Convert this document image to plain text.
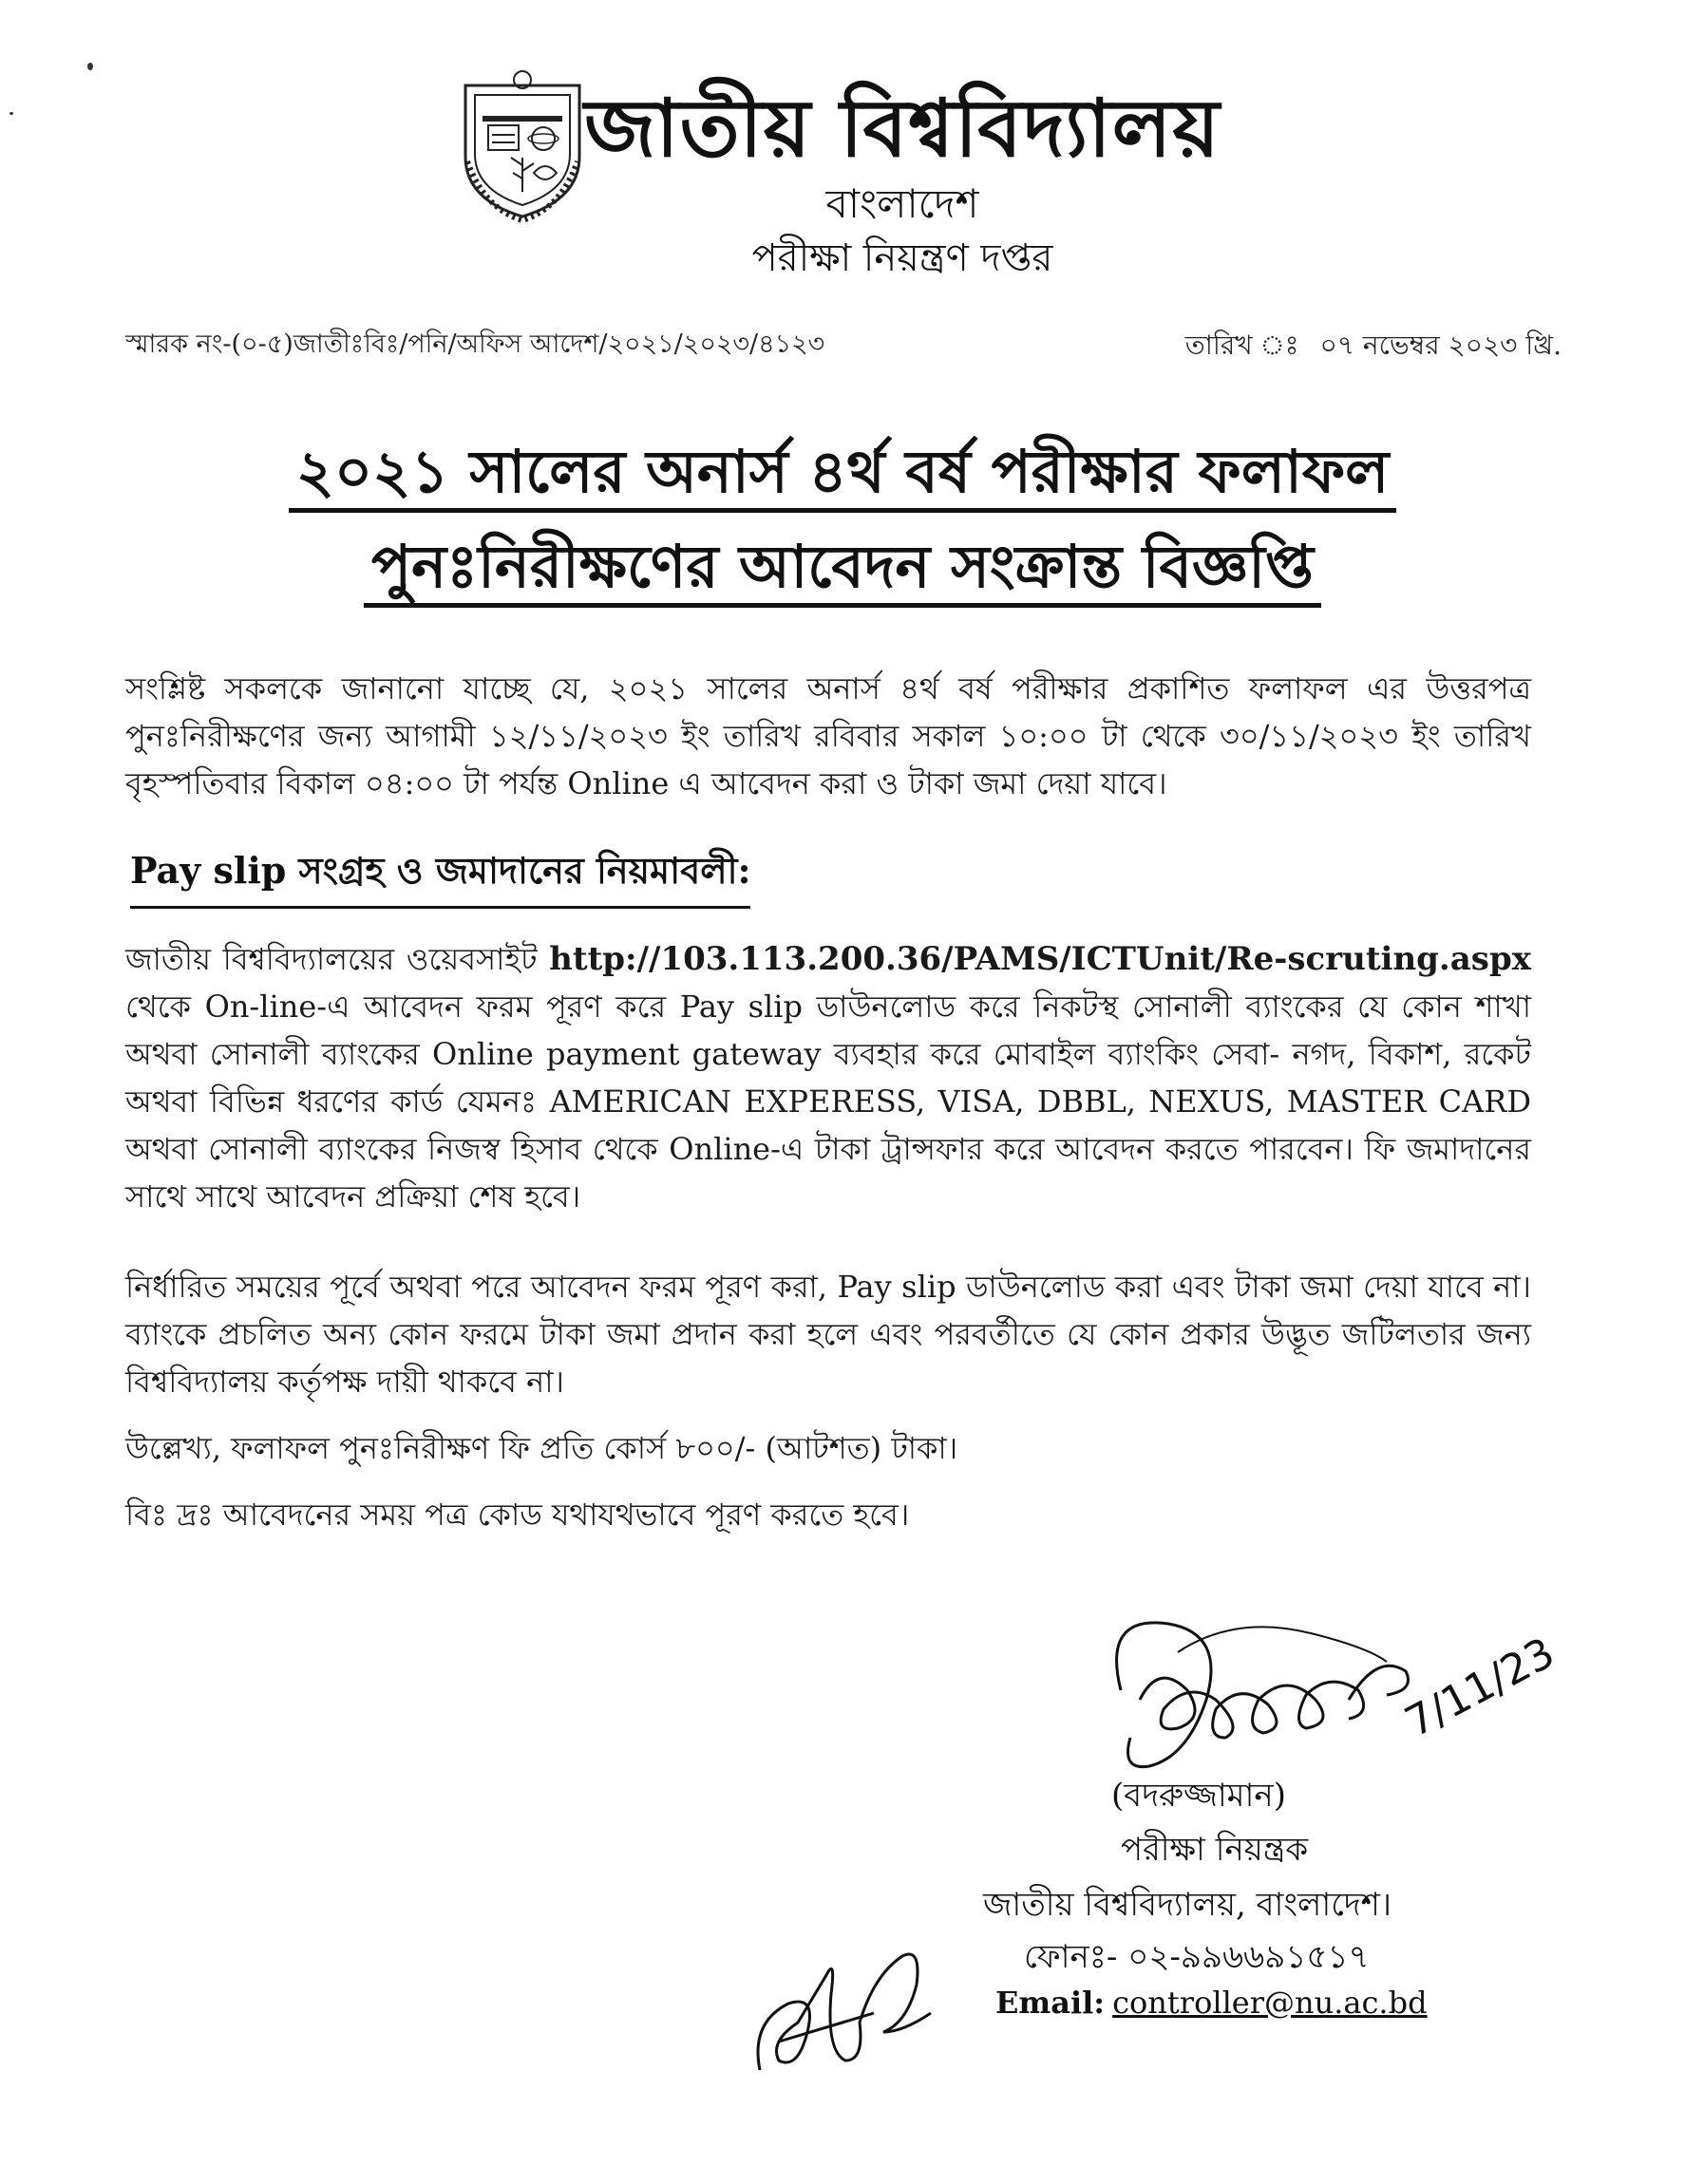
জাতীয় বিশ্ববিদ্যালয়
বাংলাদেশ
পরীক্ষা নিয়ন্ত্রণ দপ্তর
স্মারক নং-(০-৫)জাতীঃবিঃ/পনি/অফিস আদেশ/২০২১/২০২৩/৪১২৩	তারিখ ঃ ০৭ নভেম্বর ২০২৩ খ্রি.
২০২১ সালের অনার্স ৪র্থ বর্ষ পরীক্ষার ফলাফল
পুনঃনিরীক্ষণের আবেদন সংক্রান্ত বিজ্ঞপ্তি
সংশ্লিষ্ট সকলকে জানানো যাচ্ছে যে, ২০২১ সালের অনার্স ৪র্থ বর্ষ পরীক্ষার প্রকাশিত ফলাফল এর উত্তরপত্র পুনঃনিরীক্ষণের জন্য আগামী ১২/১১/২০২৩ ইং তারিখ রবিবার সকাল ১০:০০ টা থেকে ৩০/১১/২০২৩ ইং তারিখ বৃহস্পতিবার বিকাল ০৪:০০ টা পর্যন্ত Online এ আবেদন করা ও টাকা জমা দেয়া যাবে।
Pay slip সংগ্রহ ও জমাদানের নিয়মাবলী:
জাতীয় বিশ্ববিদ্যালয়ের ওয়েবসাইট http://103.113.200.36/PAMS/ICTUnit/Re-scruting.aspx থেকে On-line-এ আবেদন ফরম পূরণ করে Pay slip ডাউনলোড করে নিকটস্থ সোনালী ব্যাংকের যে কোন শাখা অথবা সোনালী ব্যাংকের Online payment gateway ব্যবহার করে মোবাইল ব্যাংকিং সেবা- নগদ, বিকাশ, রকেট অথবা বিভিন্ন ধরণের কার্ড যেমনঃ AMERICAN EXPERESS, VISA, DBBL, NEXUS, MASTER CARD অথবা সোনালী ব্যাংকের নিজস্ব হিসাব থেকে Online-এ টাকা ট্রান্সফার করে আবেদন করতে পারবেন। ফি জমাদানের সাথে সাথে আবেদন প্রক্রিয়া শেষ হবে।
নির্ধারিত সময়ের পূর্বে অথবা পরে আবেদন ফরম পূরণ করা, Pay slip ডাউনলোড করা এবং টাকা জমা দেয়া যাবে না। ব্যাংকে প্রচলিত অন্য কোন ফরমে টাকা জমা প্রদান করা হলে এবং পরবর্তীতে যে কোন প্রকার উদ্ভূত জটিলতার জন্য বিশ্ববিদ্যালয় কর্তৃপক্ষ দায়ী থাকবে না।
উল্লেখ্য, ফলাফল পুনঃনিরীক্ষণ ফি প্রতি কোর্স ৮০০/- (আটশত) টাকা।
বিঃ দ্রঃ আবেদনের সময় পত্র কোড যথাযথভাবে পূরণ করতে হবে।
7/11/23
(বদরুজ্জামান)
পরীক্ষা নিয়ন্ত্রক
জাতীয় বিশ্ববিদ্যালয়, বাংলাদেশ।
ফোনঃ- ০২-৯৯৬৬৯১৫১৭
Email: controller@nu.ac.bd
